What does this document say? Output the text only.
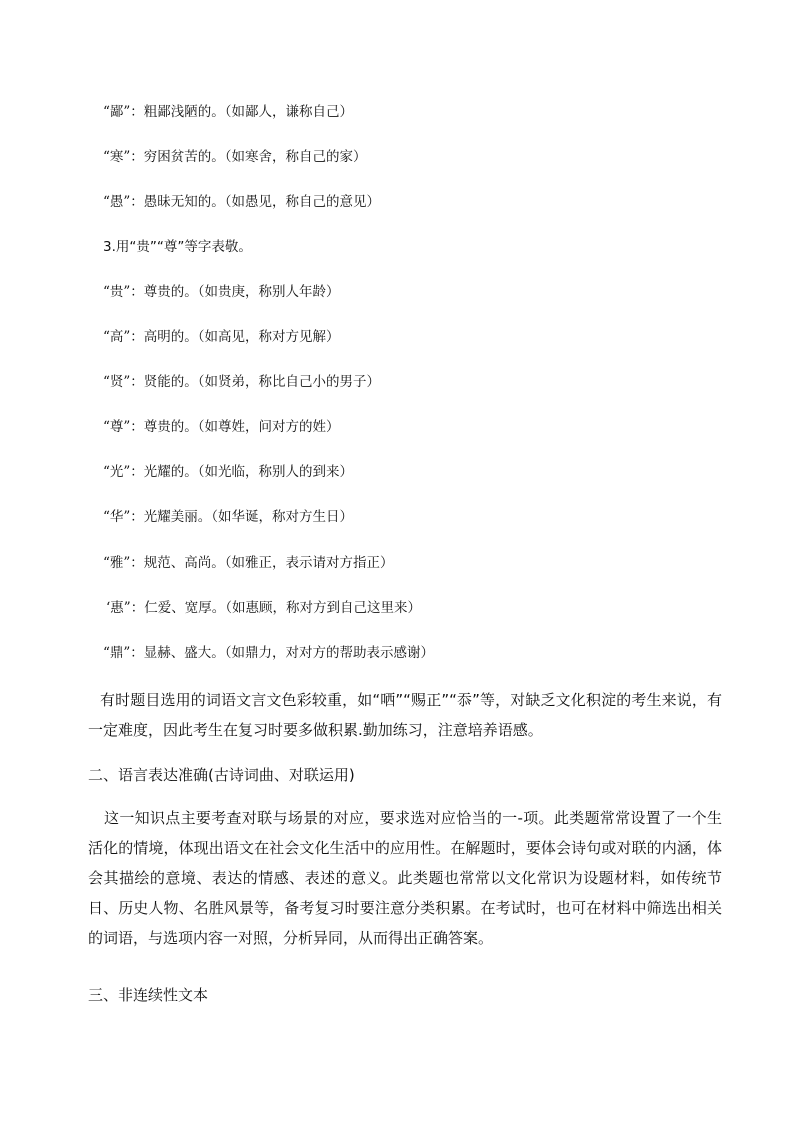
“鄙”：粗鄙浅陋的。（如鄙人，谦称自己）
“寒”：穷困贫苦的。（如寒舍，称自己的家）
“愚”：愚昧无知的。（如愚见，称自己的意见）
3.用“贵”“尊”等字表敬。
“贵”：尊贵的。（如贵庚，称别人年龄）
“高”：高明的。（如高见，称对方见解）
“贤”：贤能的。（如贤弟，称比自己小的男子）
“尊”：尊贵的。（如尊姓，问对方的姓）
“光”：光耀的。（如光临，称别人的到来）
“华”：光耀美丽。（如华诞，称对方生日）
“雅”：规范、高尚。（如雅正，表示请对方指正）
‘惠”：仁爱、宽厚。（如惠顾，称对方到自己这里来）
“鼎”：显赫、盛大。（如鼎力，对对方的帮助表示感谢）
有时题目选用的词语文言文色彩较重，如“哂”“赐正”“忝”等，对缺乏文化积淀的考生来说，有一定难度，因此考生在复习时要多做积累.勤加练习，注意培养语感。
二、语言表达准确(古诗词曲、对联运用)
这一知识点主要考查对联与场景的对应，要求选对应恰当的一-项。此类题常常设置了一个生活化的情境，体现出语文在社会文化生活中的应用性。在解题时，要体会诗句或对联的内涵，体会其描绘的意境、表达的情感、表述的意义。此类题也常常以文化常识为设题材料，如传统节日、历史人物、名胜风景等，备考复习时要注意分类积累。在考试时，也可在材料中筛选出相关的词语，与选项内容一对照，分析异同，从而得出正确答案。
三、非连续性文本
